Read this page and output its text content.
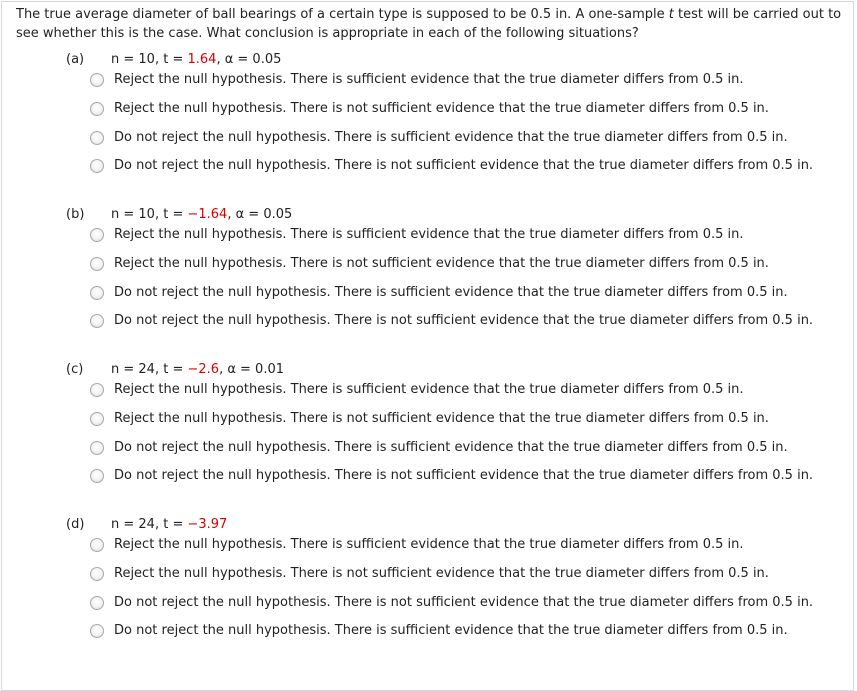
The true average diameter of ball bearings of a certain type is supposed to be 0.5 in. A one-sample t test will be carried out to see whether this is the case. What conclusion is appropriate in each of the following situations?
(a) n = 10, t = 1.64, α = 0.05
Reject the null hypothesis. There is sufficient evidence that the true diameter differs from 0.5 in.
Reject the null hypothesis. There is not sufficient evidence that the true diameter differs from 0.5 in.
Do not reject the null hypothesis. There is sufficient evidence that the true diameter differs from 0.5 in.
Do not reject the null hypothesis. There is not sufficient evidence that the true diameter differs from 0.5 in.
(b) n = 10, t = −1.64, α = 0.05
Reject the null hypothesis. There is sufficient evidence that the true diameter differs from 0.5 in.
Reject the null hypothesis. There is not sufficient evidence that the true diameter differs from 0.5 in.
Do not reject the null hypothesis. There is sufficient evidence that the true diameter differs from 0.5 in.
Do not reject the null hypothesis. There is not sufficient evidence that the true diameter differs from 0.5 in.
(c) n = 24, t = −2.6, α = 0.01
Reject the null hypothesis. There is sufficient evidence that the true diameter differs from 0.5 in.
Reject the null hypothesis. There is not sufficient evidence that the true diameter differs from 0.5 in.
Do not reject the null hypothesis. There is sufficient evidence that the true diameter differs from 0.5 in.
Do not reject the null hypothesis. There is not sufficient evidence that the true diameter differs from 0.5 in.
(d) n = 24, t = −3.97
Reject the null hypothesis. There is sufficient evidence that the true diameter differs from 0.5 in.
Reject the null hypothesis. There is not sufficient evidence that the true diameter differs from 0.5 in.
Do not reject the null hypothesis. There is not sufficient evidence that the true diameter differs from 0.5 in.
Do not reject the null hypothesis. There is sufficient evidence that the true diameter differs from 0.5 in.
